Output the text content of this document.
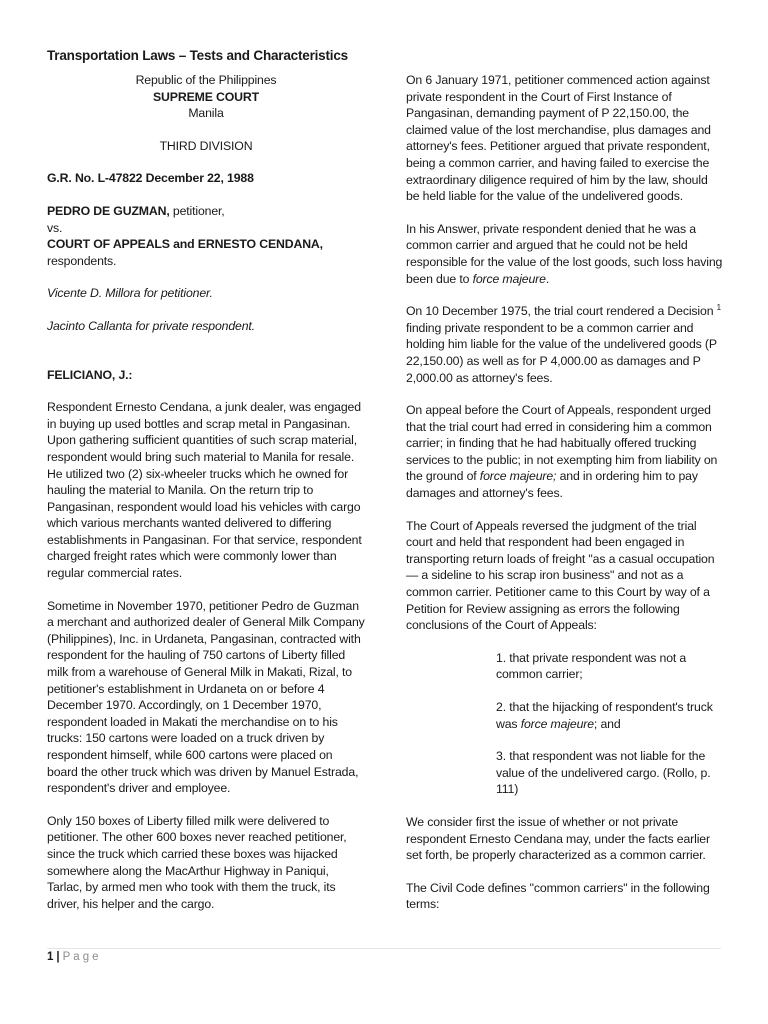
Transportation Laws – Tests and Characteristics

Republic of the Philippines

SUPREME COURT

Manila

THIRD DIVISION

G.R. No. L-47822 December 22, 1988

PEDRO DE GUZMAN, petitioner,

vs.

COURT OF APPEALS and ERNESTO CENDANA, respondents.

Vicente D. Millora for petitioner.

Jacinto Callanta for private respondent.

FELICIANO, J.:

Respondent Ernesto Cendana, a junk dealer, was engaged in buying up used bottles and scrap metal in Pangasinan. Upon gathering sufficient quantities of such scrap material, respondent would bring such material to Manila for resale. He utilized two (2) six-wheeler trucks which he owned for hauling the material to Manila. On the return trip to Pangasinan, respondent would load his vehicles with cargo which various merchants wanted delivered to differing establishments in Pangasinan. For that service, respondent charged freight rates which were commonly lower than regular commercial rates.

Sometime in November 1970, petitioner Pedro de Guzman a merchant and authorized dealer of General Milk Company (Philippines), Inc. in Urdaneta, Pangasinan, contracted with respondent for the hauling of 750 cartons of Liberty filled milk from a warehouse of General Milk in Makati, Rizal, to petitioner's establishment in Urdaneta on or before 4 December 1970. Accordingly, on 1 December 1970, respondent loaded in Makati the merchandise on to his trucks: 150 cartons were loaded on a truck driven by respondent himself, while 600 cartons were placed on board the other truck which was driven by Manuel Estrada, respondent's driver and employee.

Only 150 boxes of Liberty filled milk were delivered to petitioner. The other 600 boxes never reached petitioner, since the truck which carried these boxes was hijacked somewhere along the MacArthur Highway in Paniqui, Tarlac, by armed men who took with them the truck, its driver, his helper and the cargo.

On 6 January 1971, petitioner commenced action against private respondent in the Court of First Instance of Pangasinan, demanding payment of P 22,150.00, the claimed value of the lost merchandise, plus damages and attorney's fees. Petitioner argued that private respondent, being a common carrier, and having failed to exercise the extraordinary diligence required of him by the law, should be held liable for the value of the undelivered goods.

In his Answer, private respondent denied that he was a common carrier and argued that he could not be held responsible for the value of the lost goods, such loss having been due to force majeure.

On 10 December 1975, the trial court rendered a Decision $^1$ finding private respondent to be a common carrier and holding him liable for the value of the undelivered goods (P 22,150.00) as well as for P 4,000.00 as damages and P 2,000.00 as attorney's fees.

On appeal before the Court of Appeals, respondent urged that the trial court had erred in considering him a common carrier; in finding that he had habitually offered trucking services to the public; in not exempting him from liability on the ground of force majeure; and in ordering him to pay damages and attorney's fees.

The Court of Appeals reversed the judgment of the trial court and held that respondent had been engaged in transporting return loads of freight "as a casual occupation — a sideline to his scrap iron business" and not as a common carrier. Petitioner came to this Court by way of a Petition for Review assigning as errors the following conclusions of the Court of Appeals:

1. that private respondent was not a common carrier;

2. that the hijacking of respondent's truck was force majeure; and

3. that respondent was not liable for the value of the undelivered cargo. (Rollo, p. 111)

We consider first the issue of whether or not private respondent Ernesto Cendana may, under the facts earlier set forth, be properly characterized as a common carrier.

The Civil Code defines "common carriers" in the following terms:

1 | Page
